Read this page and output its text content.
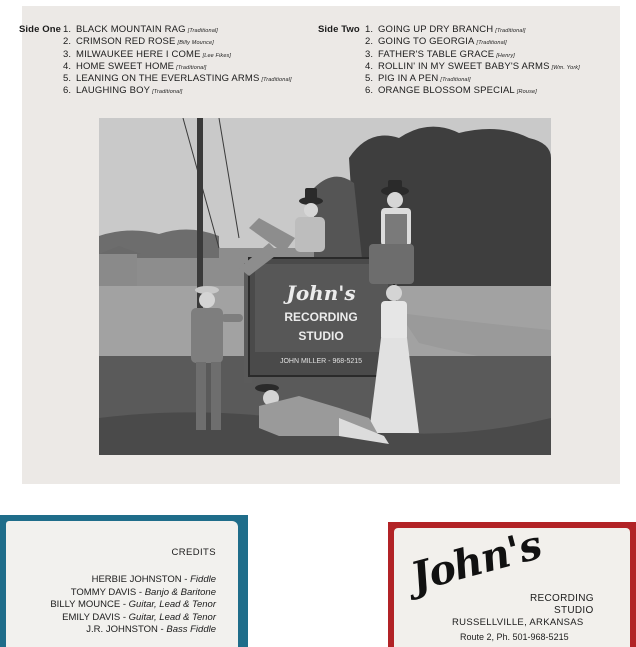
Side One 1. BLACK MOUNTAIN RAG [Traditional]
2. CRIMSON RED ROSE [Billy Mounce]
3. MILWAUKEE HERE I COME [Lee Fikes]
4. HOME SWEET HOME [Traditional]
5. LEANING ON THE EVERLASTING ARMS [Traditional]
6. LAUGHING BOY [Traditional]
Side Two 1. GOING UP DRY BRANCH [Traditional]
2. GOING TO GEORGIA [Traditional]
3. FATHER'S TABLE GRACE [Henry]
4. ROLLIN' IN MY SWEET BABY'S ARMS [Wm. York]
5. PIG IN A PEN [Traditional]
6. ORANGE BLOSSOM SPECIAL [Rouse]
John's
RECORDING
STUDIO
JOHN MILLER - 968-5215
CREDITS
HERBIE JOHNSTON - Fiddle
TOMMY DAVIS - Banjo & Baritone
BILLY MOUNCE - Guitar, Lead & Tenor
EMILY DAVIS - Guitar, Lead & Tenor
J.R. JOHNSTON - Bass Fiddle
John's
RECORDING
STUDIO
RUSSELLVILLE, ARKANSAS
Route 2, Ph. 501-968-5215
